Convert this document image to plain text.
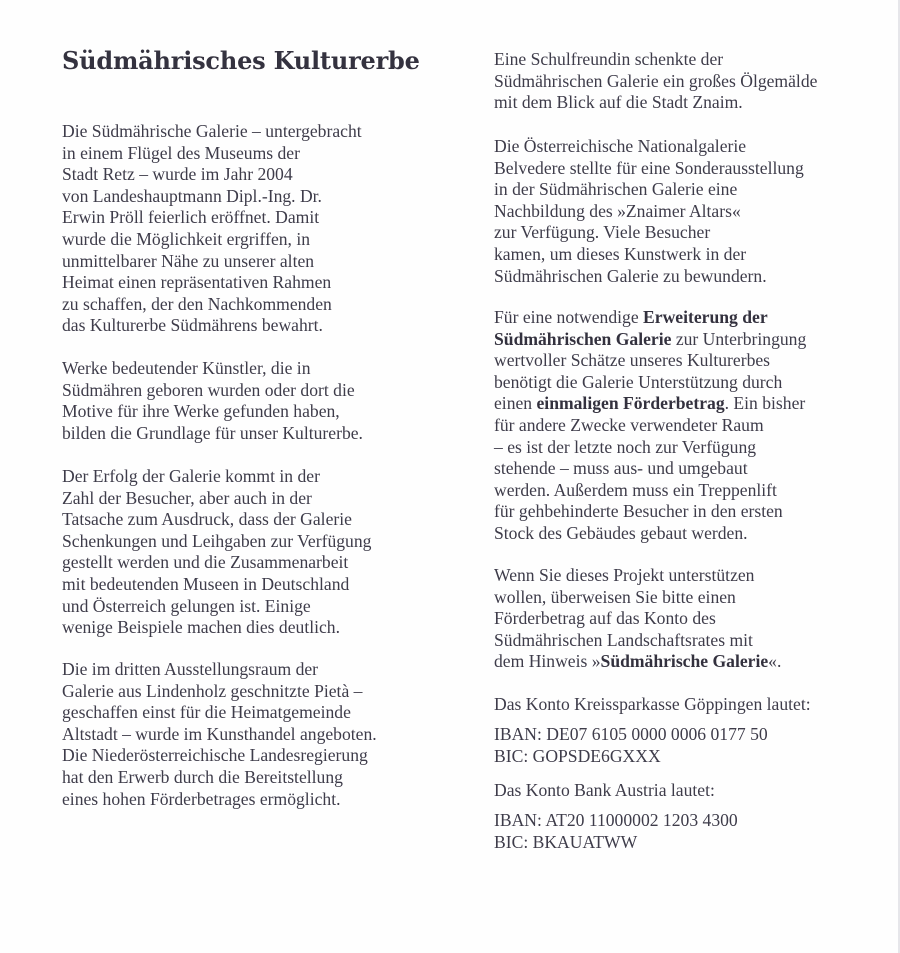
Südmährisches Kulturerbe

Die Südmährische Galerie – untergebracht
in einem Flügel des Museums der
Stadt Retz – wurde im Jahr 2004
von Landeshauptmann Dipl.-Ing. Dr.
Erwin Pröll feierlich eröffnet. Damit
wurde die Möglichkeit ergriffen, in
unmittelbarer Nähe zu unserer alten
Heimat einen repräsentativen Rahmen
zu schaffen, der den Nachkommenden
das Kulturerbe Südmährens bewahrt.

Werke bedeutender Künstler, die in
Südmähren geboren wurden oder dort die
Motive für ihre Werke gefunden haben,
bilden die Grundlage für unser Kulturerbe.

Der Erfolg der Galerie kommt in der
Zahl der Besucher, aber auch in der
Tatsache zum Ausdruck, dass der Galerie
Schenkungen und Leihgaben zur Verfügung
gestellt werden und die Zusammenarbeit
mit bedeutenden Museen in Deutschland
und Österreich gelungen ist. Einige
wenige Beispiele machen dies deutlich.

Die im dritten Ausstellungsraum der
Galerie aus Lindenholz geschnitzte Pietà –
geschaffen einst für die Heimatgemeinde
Altstadt – wurde im Kunsthandel angeboten.
Die Niederösterreichische Landesregierung
hat den Erwerb durch die Bereitstellung
eines hohen Förderbetrages ermöglicht.

Eine Schulfreundin schenkte der
Südmährischen Galerie ein großes Ölgemälde
mit dem Blick auf die Stadt Znaim.

Die Österreichische Nationalgalerie
Belvedere stellte für eine Sonderausstellung
in der Südmährischen Galerie eine
Nachbildung des »Znaimer Altars«
zur Verfügung. Viele Besucher
kamen, um dieses Kunstwerk in der
Südmährischen Galerie zu bewundern.

Für eine notwendige Erweiterung der
Südmährischen Galerie zur Unterbringung
wertvoller Schätze unseres Kulturerbes
benötigt die Galerie Unterstützung durch
einen einmaligen Förderbetrag. Ein bisher
für andere Zwecke verwendeter Raum
– es ist der letzte noch zur Verfügung
stehende – muss aus- und umgebaut
werden. Außerdem muss ein Treppenlift
für gehbehinderte Besucher in den ersten
Stock des Gebäudes gebaut werden.

Wenn Sie dieses Projekt unterstützen
wollen, überweisen Sie bitte einen
Förderbetrag auf das Konto des
Südmährischen Landschaftsrates mit
dem Hinweis »Südmährische Galerie«.

Das Konto Kreissparkasse Göppingen lautet:

IBAN: DE07 6105 0000 0006 0177 50
BIC: GOPSDE6GXXX

Das Konto Bank Austria lautet:

IBAN: AT20 11000002 1203 4300
BIC: BKAUATWW
